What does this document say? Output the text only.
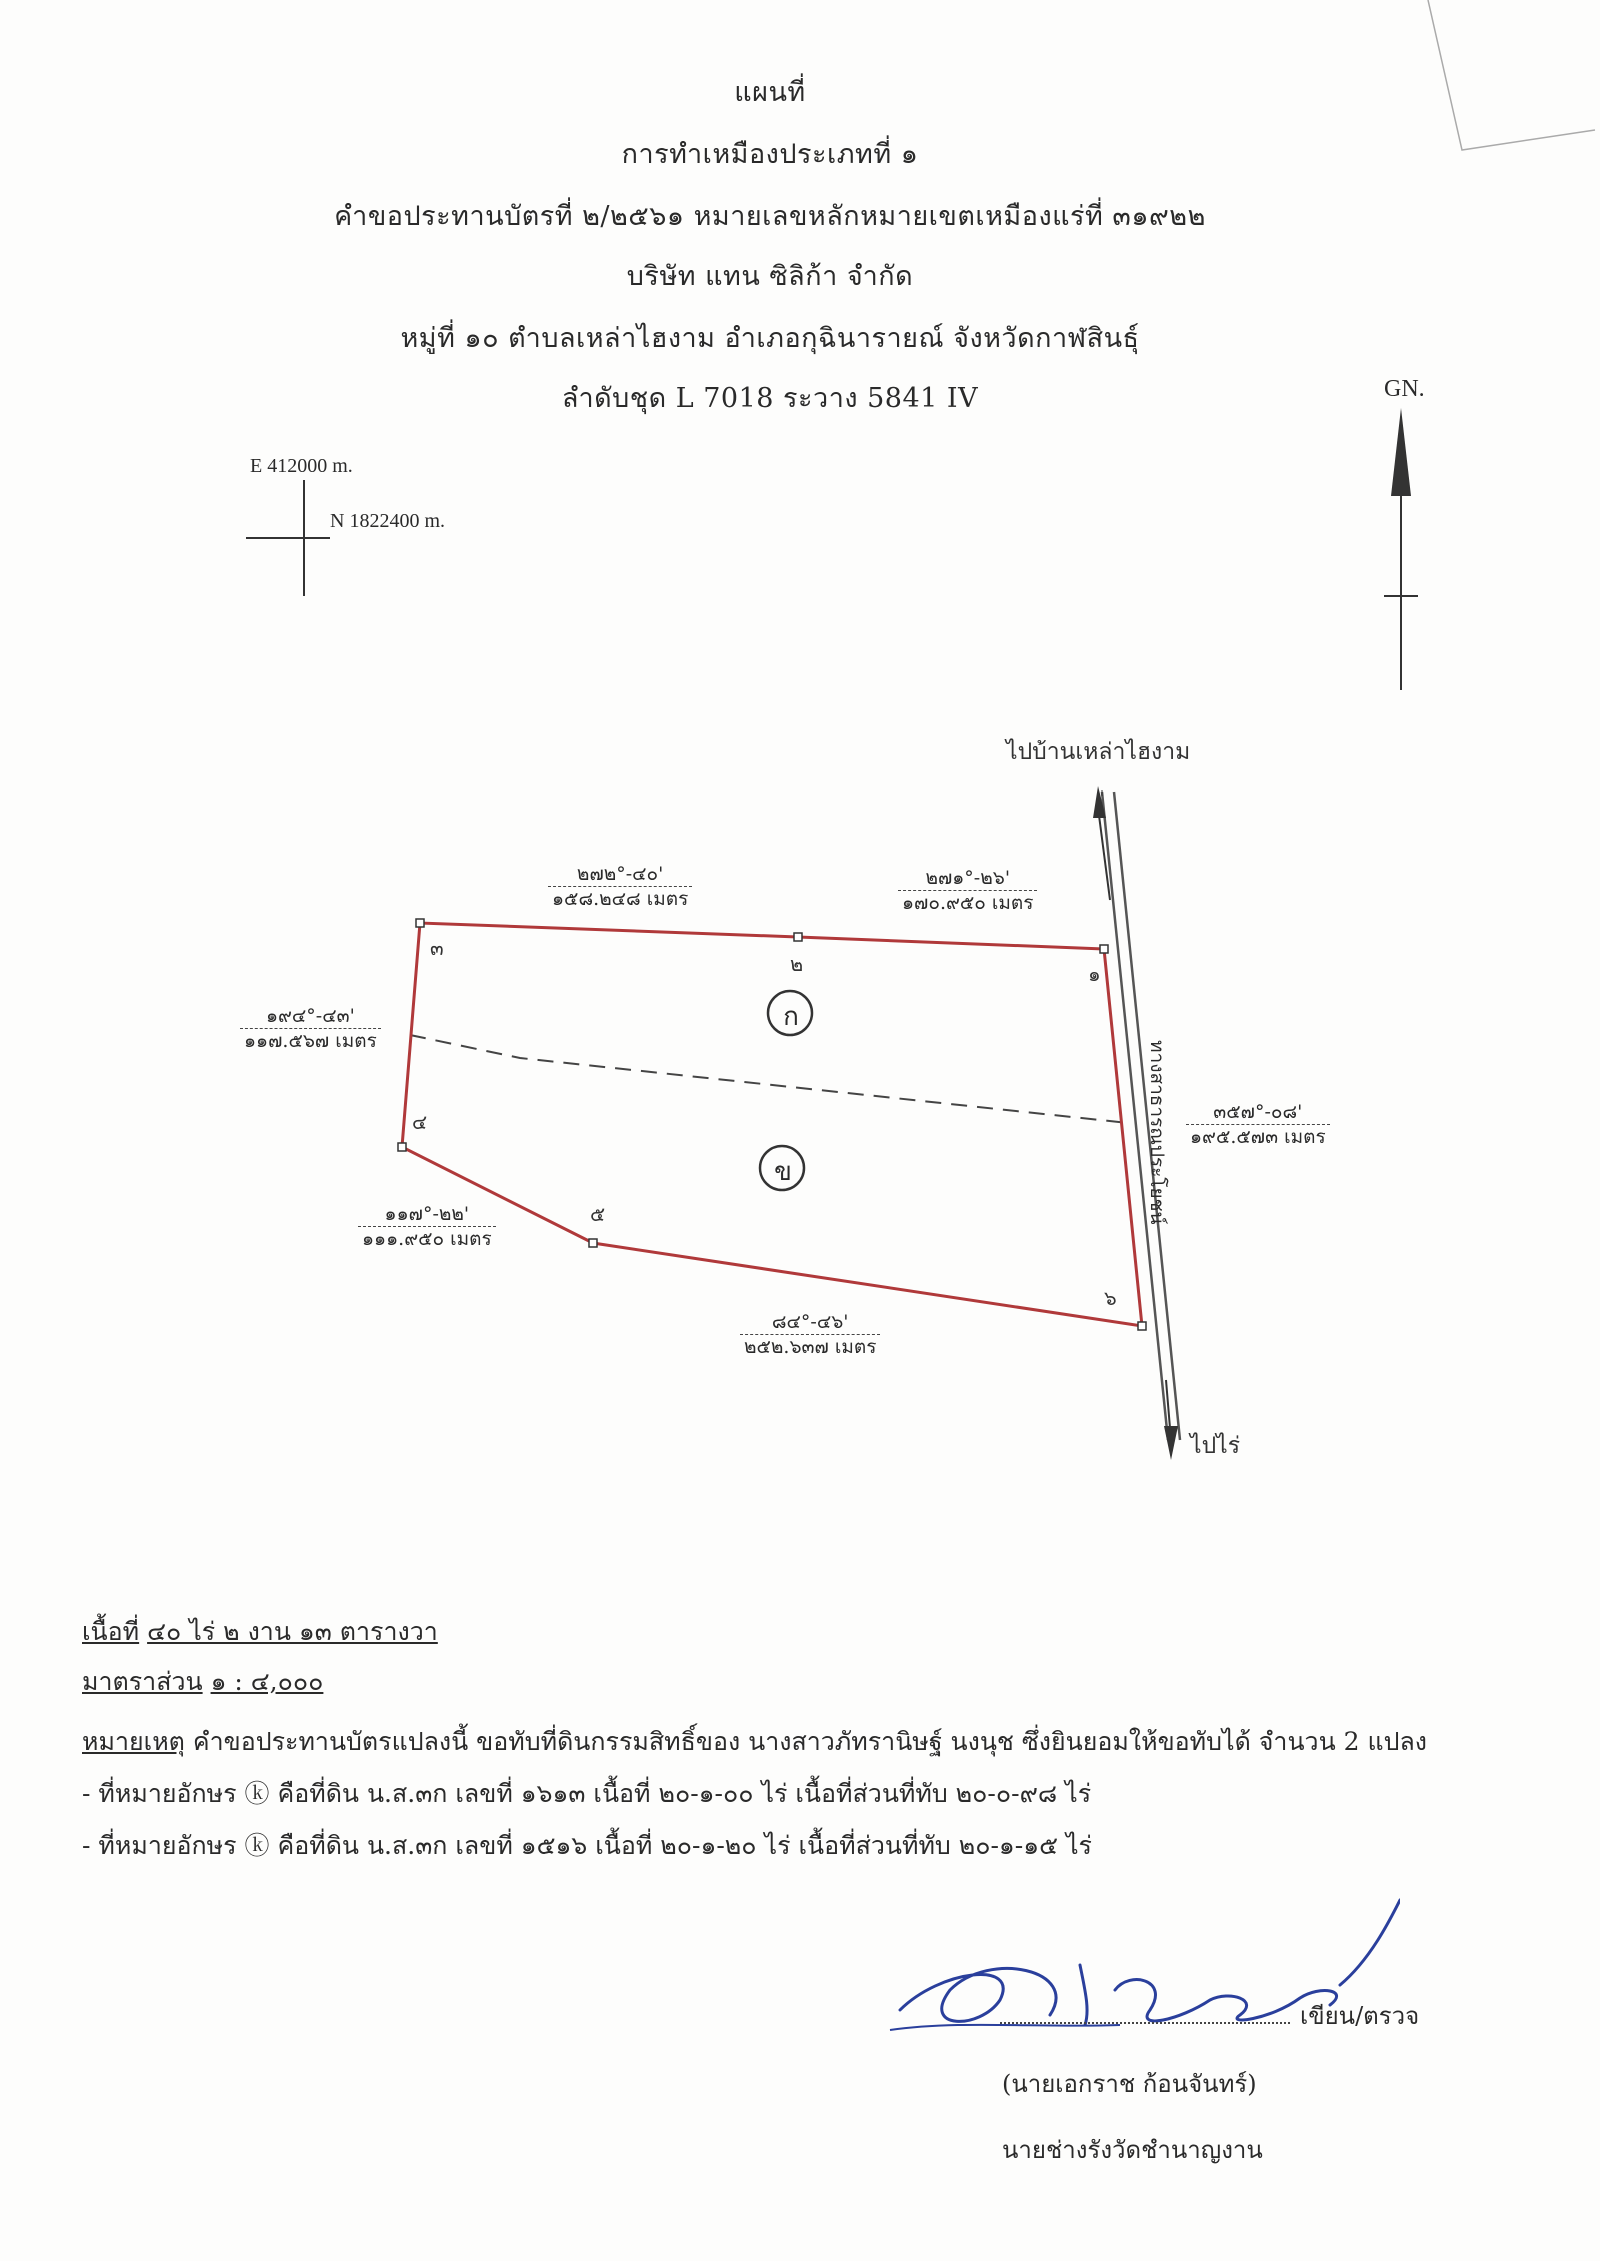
แผนที่
การทำเหมืองประเภทที่ ๑
คำขอประทานบัตรที่ ๒/๒๕๖๑ หมายเลขหลักหมายเขตเหมืองแร่ที่ ๓๑๙๒๒
บริษัท แทน ซิลิก้า จำกัด
หมู่ที่ ๑๐ ตำบลเหล่าไฮงาม อำเภอกุฉินารายณ์ จังหวัดกาฬสินธุ์
ลำดับชุด L 7018 ระวาง 5841 IV
E 412000 m.
N 1822400 m.
GN.
ก
ข
๑
๒
๓
๔
๕
๖
ไปบ้านเหล่าไฮงาม
ไปไร่
ทางสาธารณประโยชน์
๒๗๒°-๔๐'
๑๕๘.๒๔๘ เมตร
๒๗๑°-๒๖'
๑๗๐.๙๕๐ เมตร
๑๙๔°-๔๓'
๑๑๗.๕๖๗ เมตร
๓๕๗°-๐๘'
๑๙๕.๕๗๓ เมตร
๑๑๗°-๒๒'
๑๑๑.๙๕๐ เมตร
๘๔°-๔๖'
๒๕๒.๖๓๗ เมตร
เนื้อที่ ๔๐ ไร่ ๒ งาน ๑๓ ตารางวา
มาตราส่วน ๑ : ๔,๐๐๐
หมายเหตุ คำขอประทานบัตรแปลงนี้ ขอทับที่ดินกรรมสิทธิ์ของ นางสาวภัทรานิษฐ์ นงนุช ซึ่งยินยอมให้ขอทับได้ จำนวน 2 แปลง
- ที่หมายอักษร ⓚ คือที่ดิน น.ส.๓ก เลขที่ ๑๖๑๓ เนื้อที่ ๒๐-๑-๐๐ ไร่ เนื้อที่ส่วนที่ทับ ๒๐-๐-๙๘ ไร่
- ที่หมายอักษร ⓚ คือที่ดิน น.ส.๓ก เลขที่ ๑๕๑๖ เนื้อที่ ๒๐-๑-๒๐ ไร่ เนื้อที่ส่วนที่ทับ ๒๐-๑-๑๕ ไร่
เขียน/ตรวจ
(นายเอกราช ก้อนจันทร์)
นายช่างรังวัดชำนาญงาน
